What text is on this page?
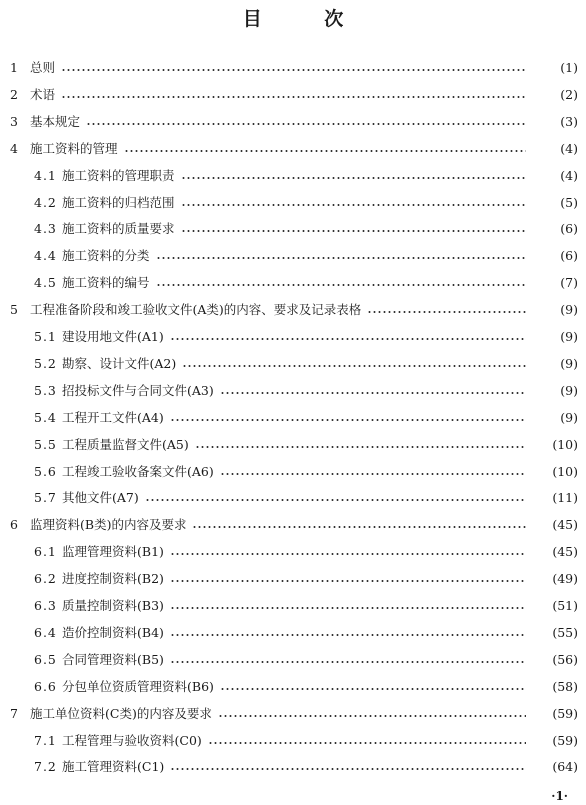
目 次
1 总则	(1)
2 术语	(2)
3 基本规定	(3)
4 施工资料的管理	(4)
4.1 施工资料的管理职责	(4)
4.2 施工资料的归档范围	(5)
4.3 施工资料的质量要求	(6)
4.4 施工资料的分类	(6)
4.5 施工资料的编号	(7)
5 工程准备阶段和竣工验收文件(A类)的内容、要求及记录表格	(9)
5.1 建设用地文件(A1)	(9)
5.2 勘察、设计文件(A2)	(9)
5.3 招投标文件与合同文件(A3)	(9)
5.4 工程开工文件(A4)	(9)
5.5 工程质量监督文件(A5)	(10)
5.6 工程竣工验收备案文件(A6)	(10)
5.7 其他文件(A7)	(11)
6 监理资料(B类)的内容及要求	(45)
6.1 监理管理资料(B1)	(45)
6.2 进度控制资料(B2)	(49)
6.3 质量控制资料(B3)	(51)
6.4 造价控制资料(B4)	(55)
6.5 合同管理资料(B5)	(56)
6.6 分包单位资质管理资料(B6)	(58)
7 施工单位资料(C类)的内容及要求	(59)
7.1 工程管理与验收资料(C0)	(59)
7.2 施工管理资料(C1)	(64)
·1·
